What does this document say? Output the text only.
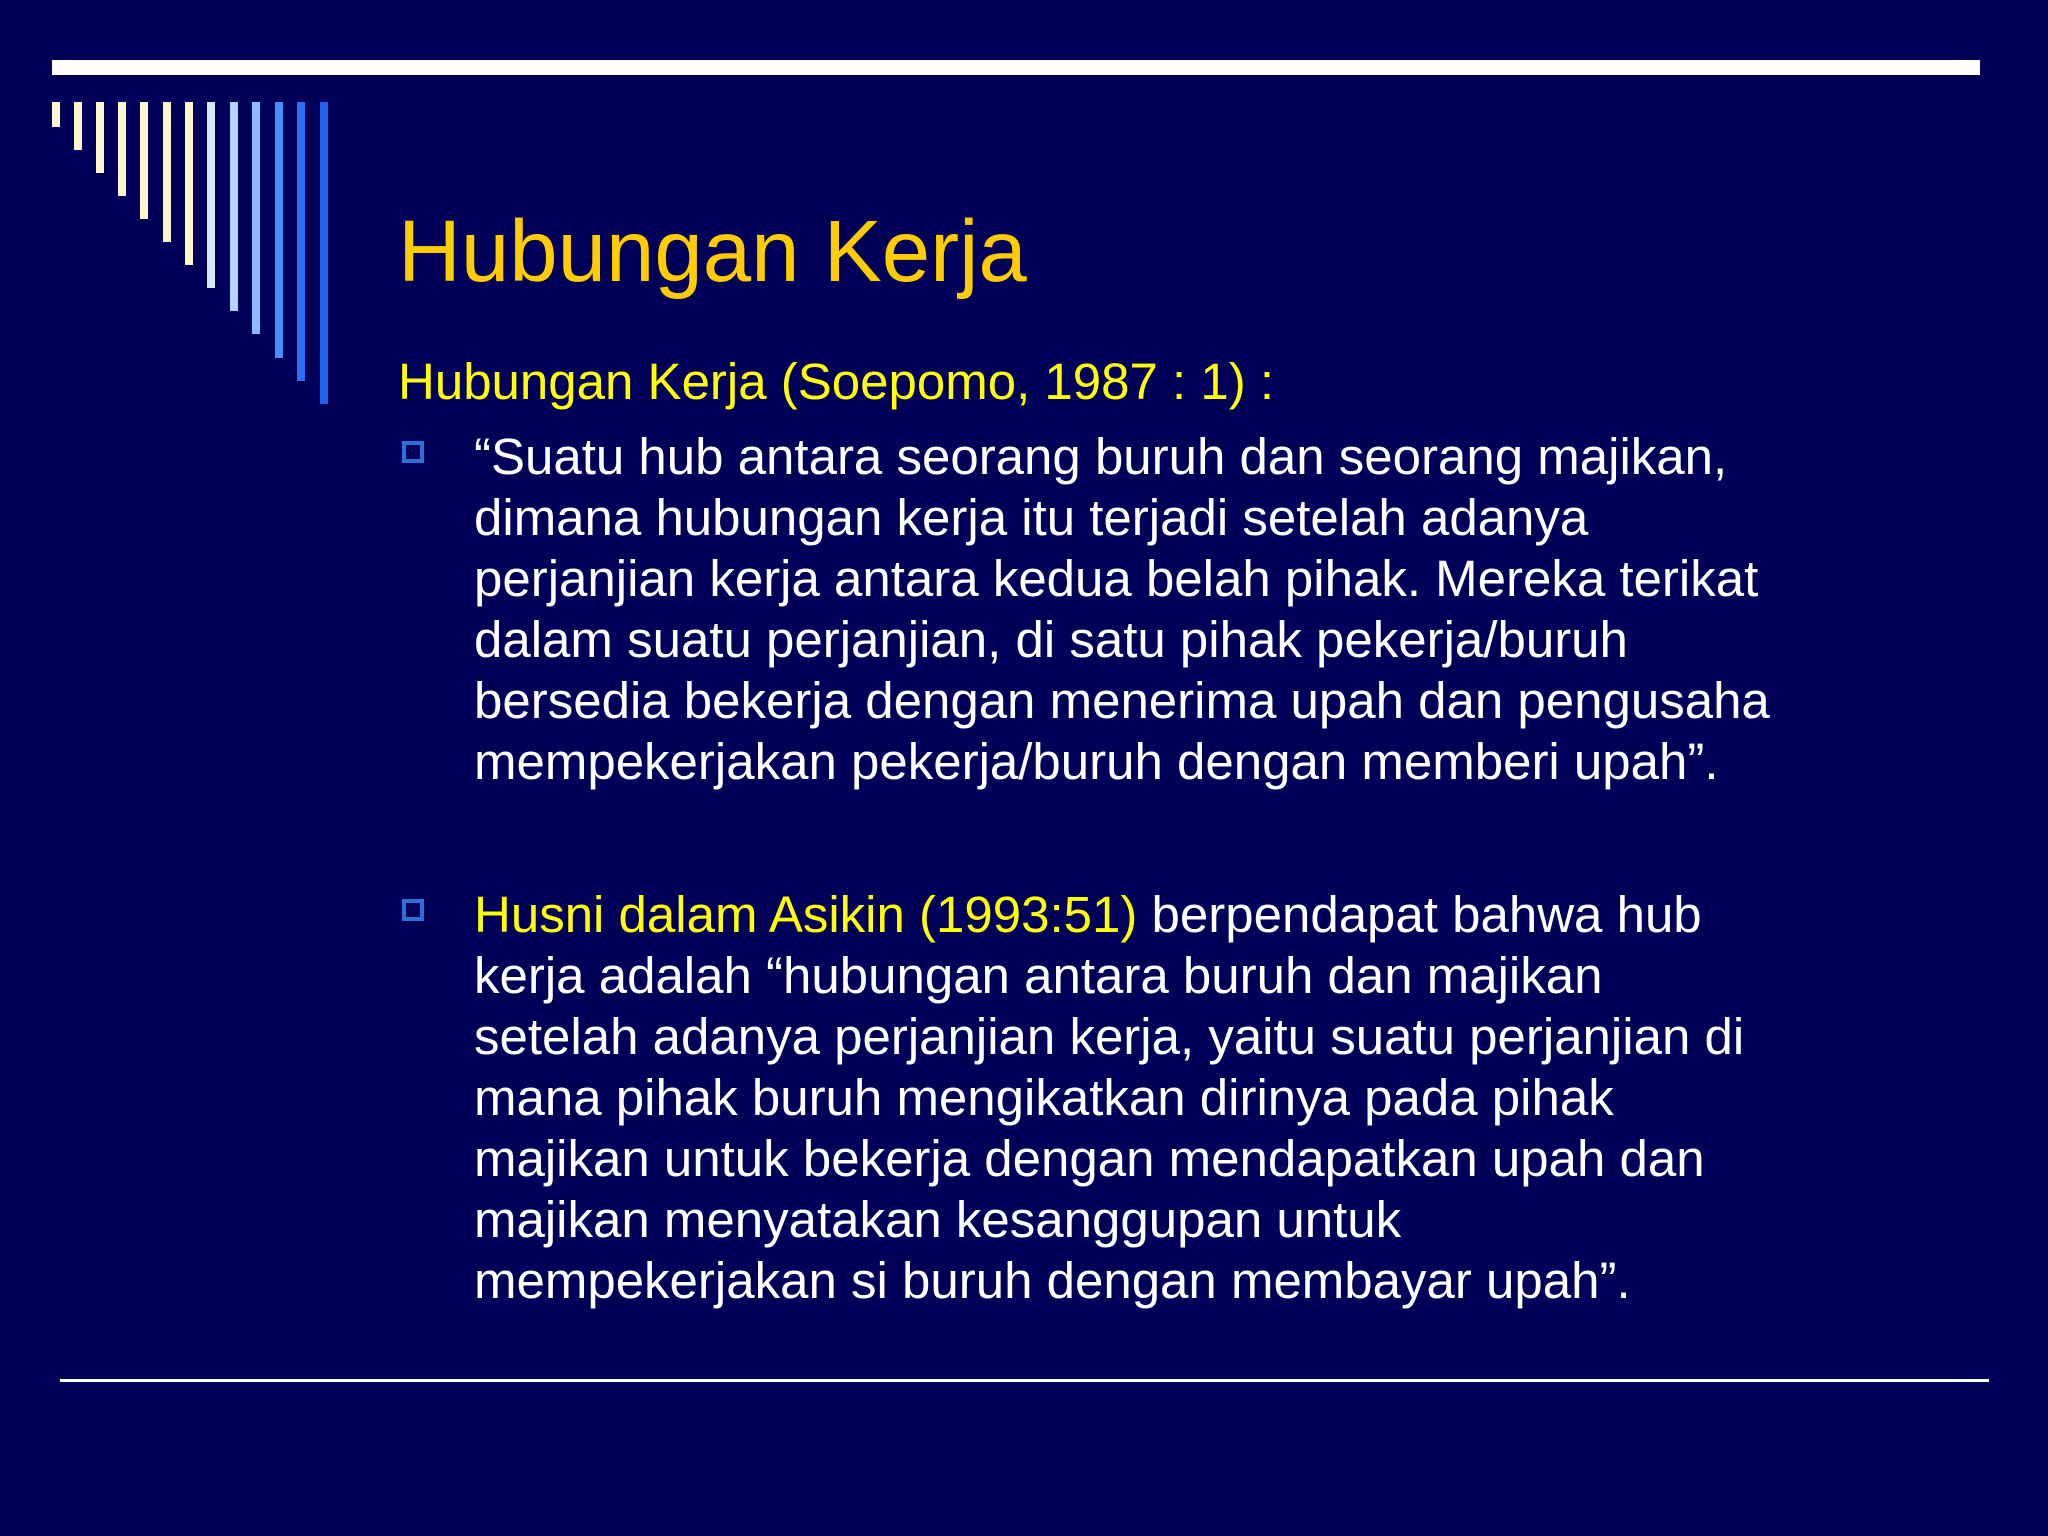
Hubungan Kerja
Hubungan Kerja (Soepomo, 1987 : 1) :
“Suatu hub antara seorang buruh dan seorang majikan,
dimana hubungan kerja itu terjadi setelah adanya
perjanjian kerja antara kedua belah pihak. Mereka terikat
dalam suatu perjanjian, di satu pihak pekerja/buruh
bersedia bekerja dengan menerima upah dan pengusaha
mempekerjakan pekerja/buruh dengan memberi upah”.
Husni dalam Asikin (1993:51) berpendapat bahwa hub
kerja adalah “hubungan antara buruh dan majikan
setelah adanya perjanjian kerja, yaitu suatu perjanjian di
mana pihak buruh mengikatkan dirinya pada pihak
majikan untuk bekerja dengan mendapatkan upah dan
majikan menyatakan kesanggupan untuk
mempekerjakan si buruh dengan membayar upah”.
